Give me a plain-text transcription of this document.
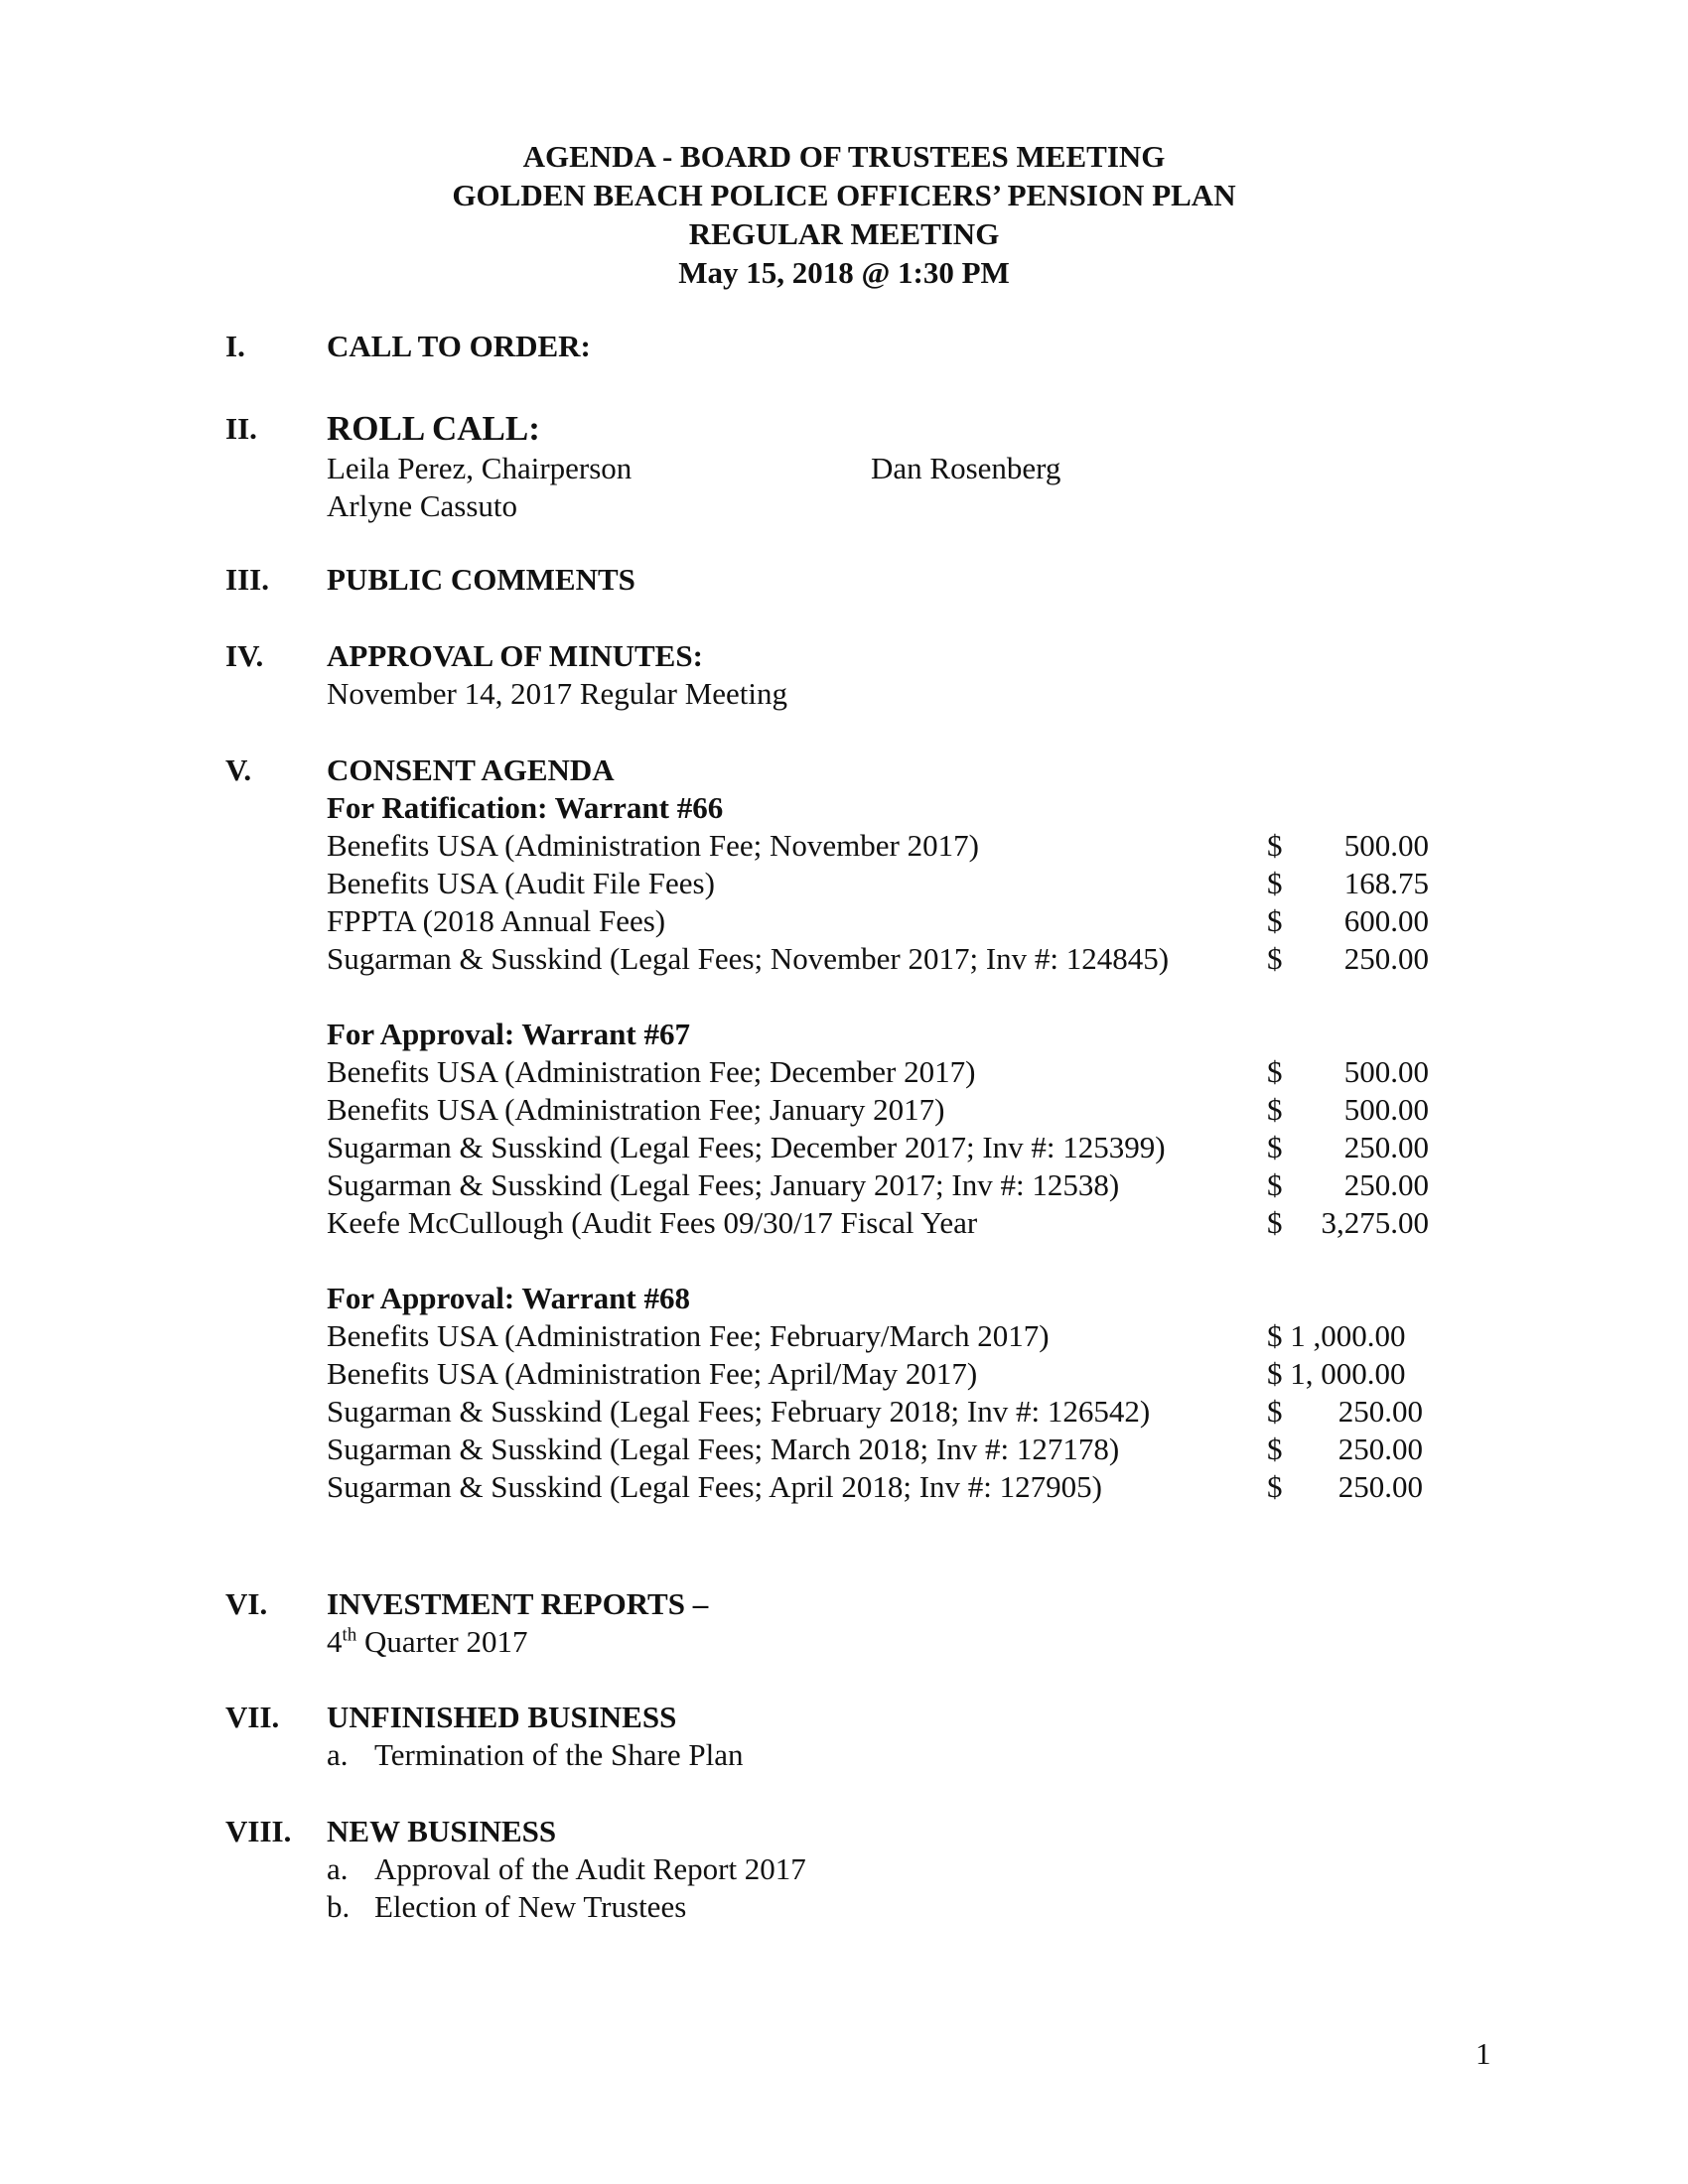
AGENDA - BOARD OF TRUSTEES MEETING
GOLDEN BEACH POLICE OFFICERS’ PENSION PLAN
REGULAR MEETING
May 15, 2018 @ 1:30 PM
I.	CALL TO ORDER:
II. ROLL CALL:
Leila Perez, Chairperson
Arlyne Cassuto
Dan Rosenberg
III. PUBLIC COMMENTS
IV. APPROVAL OF MINUTES:
November 14, 2017 Regular Meeting
V. CONSENT AGENDA
For Ratification: Warrant #66
Benefits USA (Administration Fee; November 2017)	$	500.00
Benefits USA (Audit File Fees)	$	168.75
FPPTA (2018 Annual Fees)	$	600.00
Sugarman & Susskind (Legal Fees; November 2017; Inv #: 124845)	$	250.00
For Approval: Warrant #67
Benefits USA (Administration Fee; December 2017)	$	500.00
Benefits USA (Administration Fee; January 2017)	$	500.00
Sugarman & Susskind (Legal Fees; December 2017; Inv #: 125399)	$	250.00
Sugarman & Susskind (Legal Fees; January 2017; Inv #: 12538)	$	250.00
Keefe McCullough (Audit Fees 09/30/17 Fiscal Year	$	3,275.00
For Approval: Warrant #68
Benefits USA (Administration Fee; February/March 2017)	$ 1 ,000.00
Benefits USA (Administration Fee; April/May 2017)	$ 1, 000.00
Sugarman & Susskind (Legal Fees; February 2018; Inv #: 126542)	$	250.00
Sugarman & Susskind (Legal Fees; March 2018; Inv #: 127178)	$	250.00
Sugarman & Susskind (Legal Fees; April 2018; Inv #: 127905)	$	250.00
VI. INVESTMENT REPORTS –
4th Quarter 2017
VII. UNFINISHED BUSINESS
a. Termination of the Share Plan
VIII. NEW BUSINESS
a. Approval of the Audit Report 2017
b. Election of New Trustees
1
